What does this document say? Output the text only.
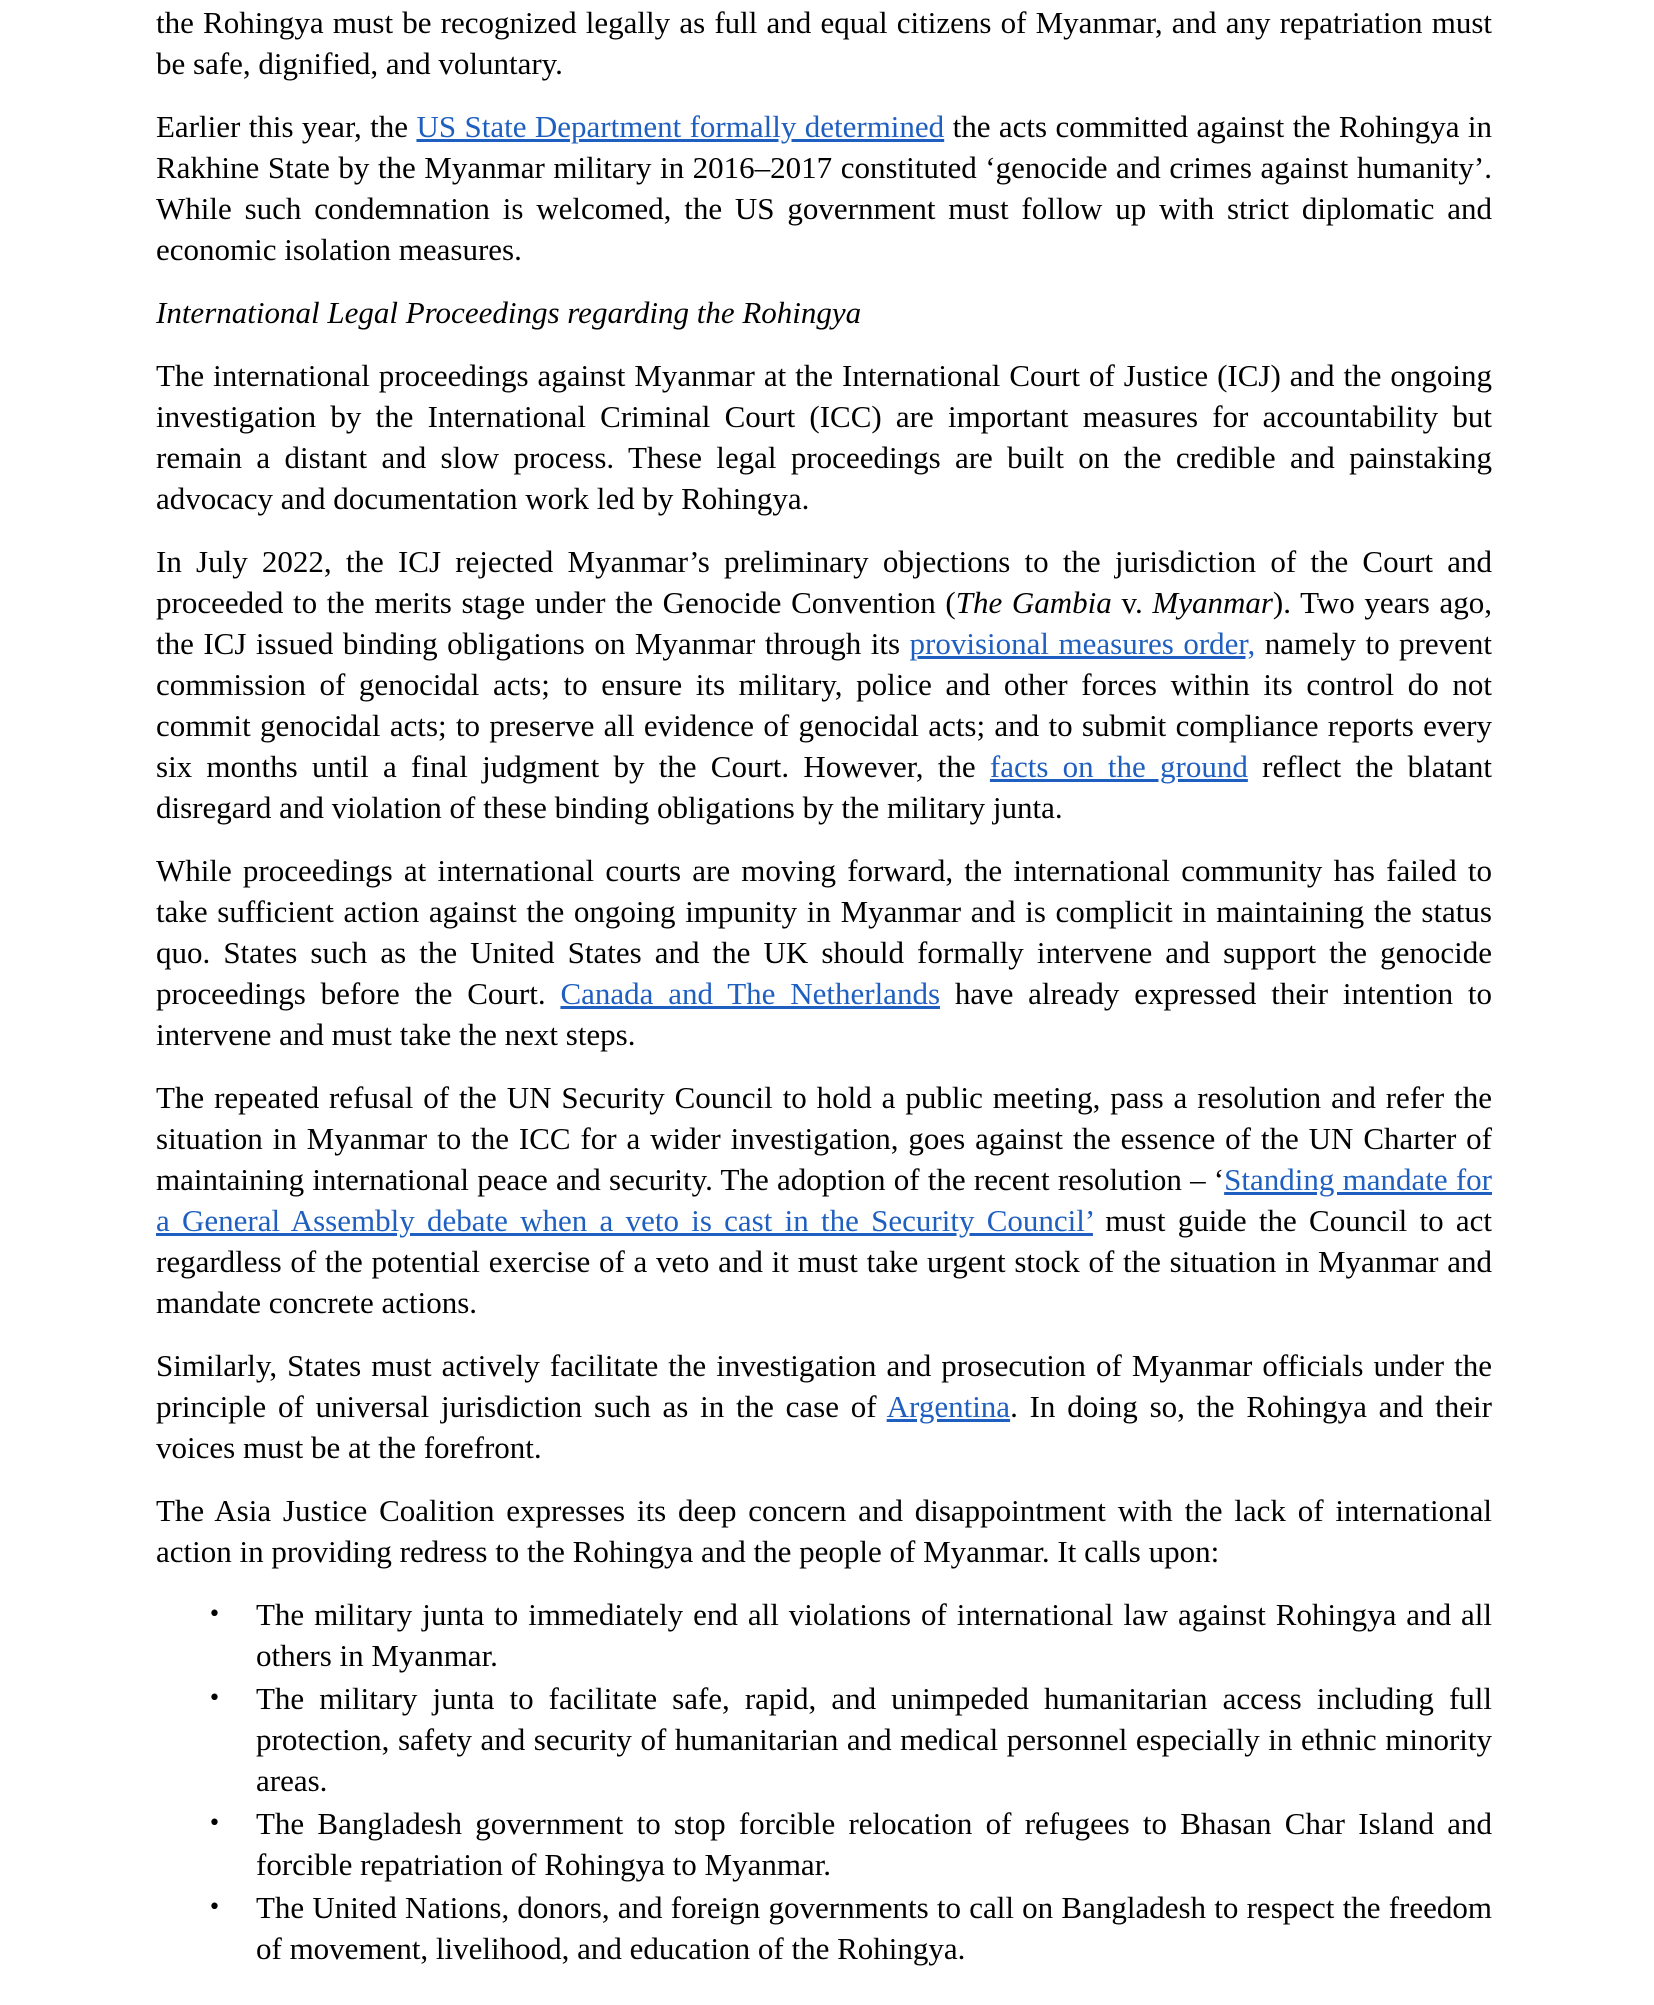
the Rohingya must be recognized legally as full and equal citizens of Myanmar, and any repatriation must be safe, dignified, and voluntary.

Earlier this year, the US State Department formally determined the acts committed against the Rohingya in Rakhine State by the Myanmar military in 2016–2017 constituted ‘genocide and crimes against humanity’. While such condemnation is welcomed, the US government must follow up with strict diplomatic and economic isolation measures.

International Legal Proceedings regarding the Rohingya

The international proceedings against Myanmar at the International Court of Justice (ICJ) and the ongoing investigation by the International Criminal Court (ICC) are important measures for accountability but remain a distant and slow process. These legal proceedings are built on the credible and painstaking advocacy and documentation work led by Rohingya.

In July 2022, the ICJ rejected Myanmar’s preliminary objections to the jurisdiction of the Court and proceeded to the merits stage under the Genocide Convention (The Gambia v. Myanmar). Two years ago, the ICJ issued binding obligations on Myanmar through its provisional measures order, namely to prevent commission of genocidal acts; to ensure its military, police and other forces within its control do not commit genocidal acts; to preserve all evidence of genocidal acts; and to submit compliance reports every six months until a final judgment by the Court. However, the facts on the ground reflect the blatant disregard and violation of these binding obligations by the military junta.

While proceedings at international courts are moving forward, the international community has failed to take sufficient action against the ongoing impunity in Myanmar and is complicit in maintaining the status quo. States such as the United States and the UK should formally intervene and support the genocide proceedings before the Court. Canada and The Netherlands have already expressed their intention to intervene and must take the next steps.

The repeated refusal of the UN Security Council to hold a public meeting, pass a resolution and refer the situation in Myanmar to the ICC for a wider investigation, goes against the essence of the UN Charter of maintaining international peace and security. The adoption of the recent resolution – ‘Standing mandate for a General Assembly debate when a veto is cast in the Security Council’ must guide the Council to act regardless of the potential exercise of a veto and it must take urgent stock of the situation in Myanmar and mandate concrete actions.

Similarly, States must actively facilitate the investigation and prosecution of Myanmar officials under the principle of universal jurisdiction such as in the case of Argentina. In doing so, the Rohingya and their voices must be at the forefront.

The Asia Justice Coalition expresses its deep concern and disappointment with the lack of international action in providing redress to the Rohingya and the people of Myanmar. It calls upon:

• The military junta to immediately end all violations of international law against Rohingya and all others in Myanmar.
• The military junta to facilitate safe, rapid, and unimpeded humanitarian access including full protection, safety and security of humanitarian and medical personnel especially in ethnic minority areas.
• The Bangladesh government to stop forcible relocation of refugees to Bhasan Char Island and forcible repatriation of Rohingya to Myanmar.
• The United Nations, donors, and foreign governments to call on Bangladesh to respect the freedom of movement, livelihood, and education of the Rohingya.
